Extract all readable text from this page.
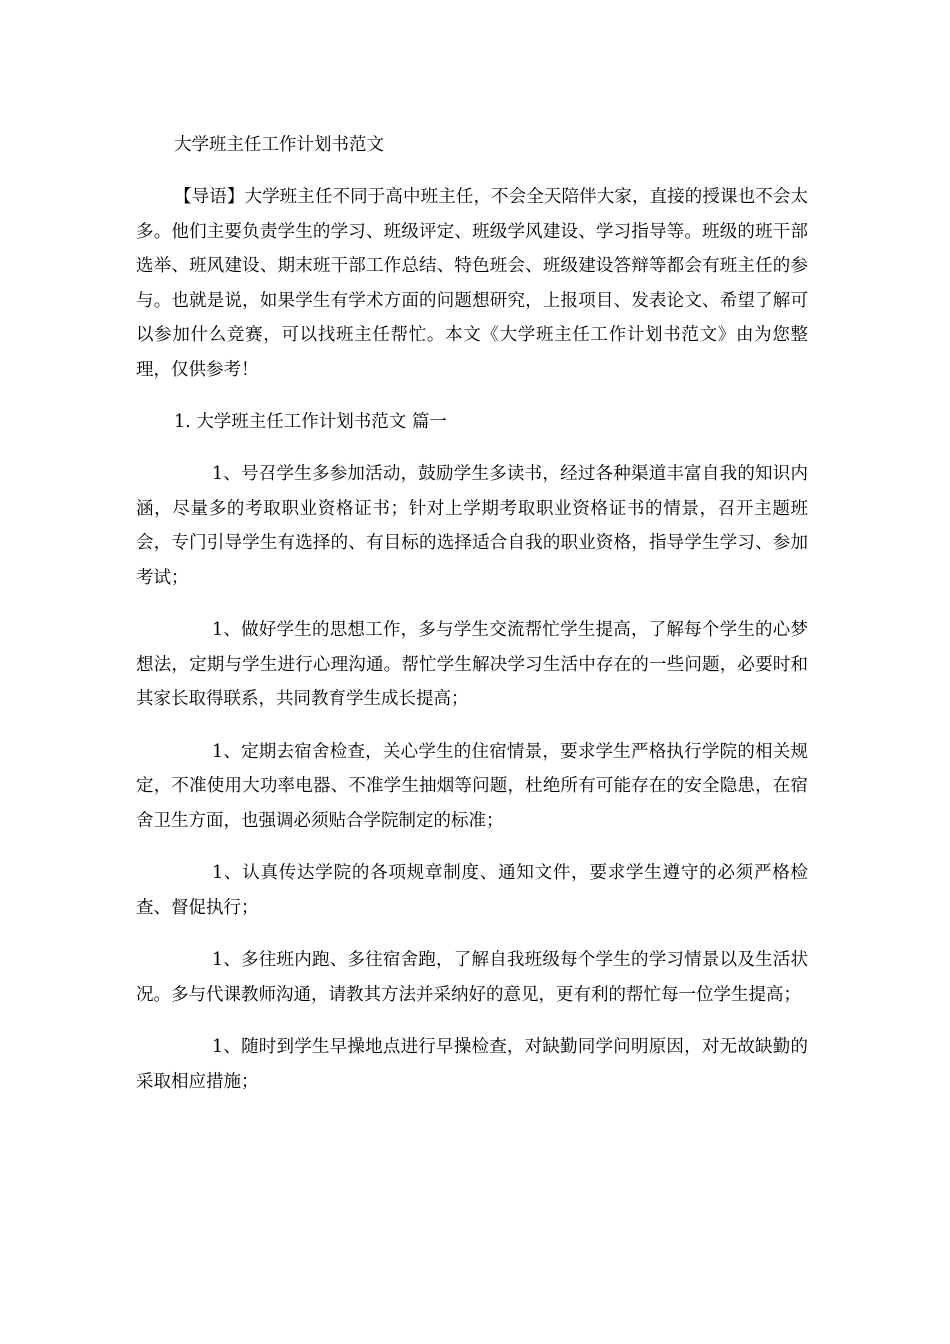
大学班主任工作计划书范文

【导语】大学班主任不同于高中班主任，不会全天陪伴大家，直接的授课也不会太多。他们主要负责学生的学习、班级评定、班级学风建设、学习指导等。班级的班干部选举、班风建设、期末班干部工作总结、特色班会、班级建设答辩等都会有班主任的参与。也就是说，如果学生有学术方面的问题想研究，上报项目、发表论文、希望了解可以参加什么竞赛，可以找班主任帮忙。本文《大学班主任工作计划书范文》由为您整理，仅供参考！

1. 大学班主任工作计划书范文 篇一

1、号召学生多参加活动，鼓励学生多读书，经过各种渠道丰富自我的知识内涵，尽量多的考取职业资格证书；针对上学期考取职业资格证书的情景，召开主题班会，专门引导学生有选择的、有目标的选择适合自我的职业资格，指导学生学习、参加考试；

1、做好学生的思想工作，多与学生交流帮忙学生提高，了解每个学生的心梦想法，定期与学生进行心理沟通。帮忙学生解决学习生活中存在的一些问题，必要时和其家长取得联系，共同教育学生成长提高；

1、定期去宿舍检查，关心学生的住宿情景，要求学生严格执行学院的相关规定，不准使用大功率电器、不准学生抽烟等问题，杜绝所有可能存在的安全隐患，在宿舍卫生方面，也强调必须贴合学院制定的标准；

1、认真传达学院的各项规章制度、通知文件，要求学生遵守的必须严格检查、督促执行；

1、多往班内跑、多往宿舍跑，了解自我班级每个学生的学习情景以及生活状况。多与代课教师沟通，请教其方法并采纳好的意见，更有利的帮忙每一位学生提高；

1、随时到学生早操地点进行早操检查，对缺勤同学问明原因，对无故缺勤的采取相应措施；
